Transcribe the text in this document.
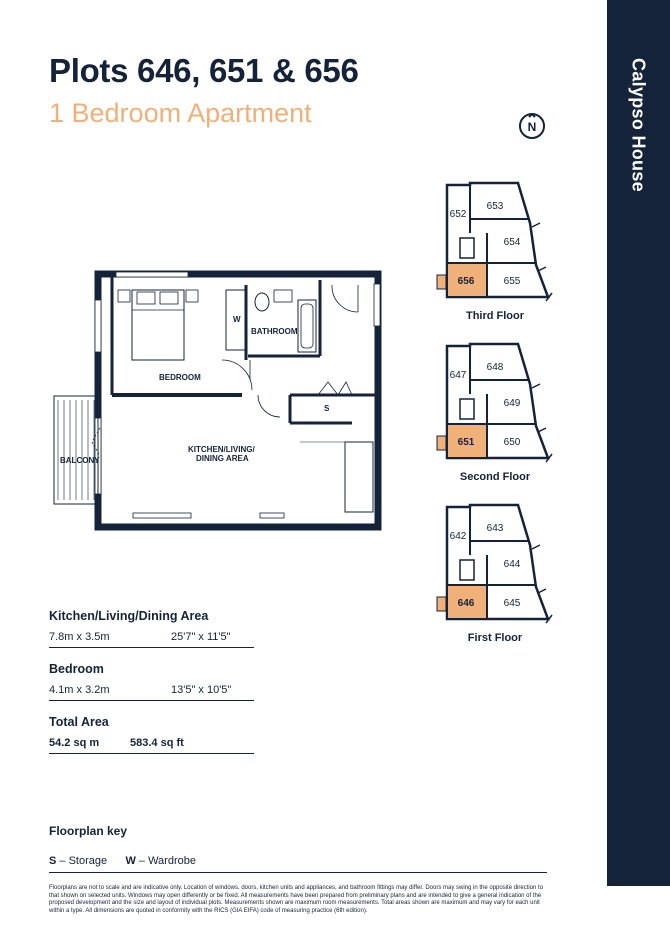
Calypso House
Plots 646, 651 & 656
1 Bedroom Apartment	N
BEDROOM
BATHROOM
W
S
KITCHEN/LIVING/
DINING AREA
BALCONY
652
653
654
656	655
647
648
649
651	650
642
643
644
646	645
Third Floor
Second Floor
First Floor
Kitchen/Living/Dining Area
7.8m x 3.5m	25'7" x 11'5"
Bedroom
4.1m x 3.2m	13'5" x 10'5"
Total Area
54.2 sq m	583.4 sq ft
Floorplan key
S – Storage W – Wardrobe
Floorplans are not to scale and are indicative only. Location of windows, doors, kitchen units and appliances, and bathroom fittings may differ. Doors may swing in the opposite direction to that shown on selected units. Windows may open differently or be fixed. All measurements have been prepared from preliminary plans and are intended to give a general indication of the proposed development and the size and layout of individual plots. Measurements shown are maximum room measurements. Total areas shown are maximum and may vary for each unit within a type. All dimensions are quoted in conformity with the RICS (GIA EIFA) code of measuring practice (6th edition).
